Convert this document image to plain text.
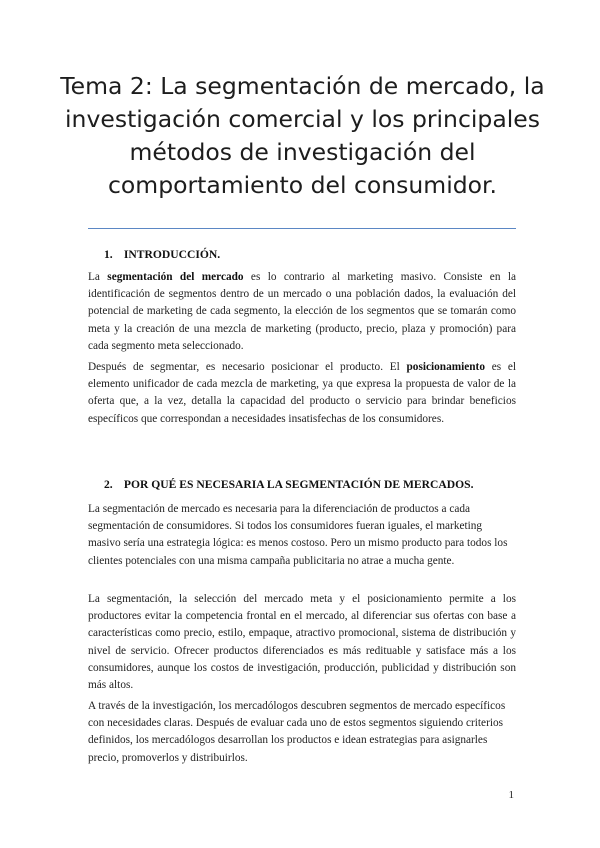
Tema 2: La segmentación de mercado, la investigación comercial y los principales métodos de investigación del comportamiento del consumidor.
1. INTRODUCCIÓN.

La segmentación del mercado es lo contrario al marketing masivo. Consiste en la identificación de segmentos dentro de un mercado o una población dados, la evaluación del potencial de marketing de cada segmento, la elección de los segmentos que se tomarán como meta y la creación de una mezcla de marketing (producto, precio, plaza y promoción) para cada segmento meta seleccionado.

Después de segmentar, es necesario posicionar el producto. El posicionamiento es el elemento unificador de cada mezcla de marketing, ya que expresa la propuesta de valor de la oferta que, a la vez, detalla la capacidad del producto o servicio para brindar beneficios específicos que correspondan a necesidades insatisfechas de los consumidores.

2. POR QUÉ ES NECESARIA LA SEGMENTACIÓN DE MERCADOS.

La segmentación de mercado es necesaria para la diferenciación de productos a cada segmentación de consumidores. Si todos los consumidores fueran iguales, el marketing masivo sería una estrategia lógica: es menos costoso. Pero un mismo producto para todos los clientes potenciales con una misma campaña publicitaria no atrae a mucha gente.

La segmentación, la selección del mercado meta y el posicionamiento permite a los productores evitar la competencia frontal en el mercado, al diferenciar sus ofertas con base a características como precio, estilo, empaque, atractivo promocional, sistema de distribución y nivel de servicio. Ofrecer productos diferenciados es más redituable y satisface más a los consumidores, aunque los costos de investigación, producción, publicidad y distribución son más altos.

A través de la investigación, los mercadólogos descubren segmentos de mercado específicos con necesidades claras. Después de evaluar cada uno de estos segmentos siguiendo criterios definidos, los mercadólogos desarrollan los productos e idean estrategias para asignarles precio, promoverlos y distribuirlos.

1
